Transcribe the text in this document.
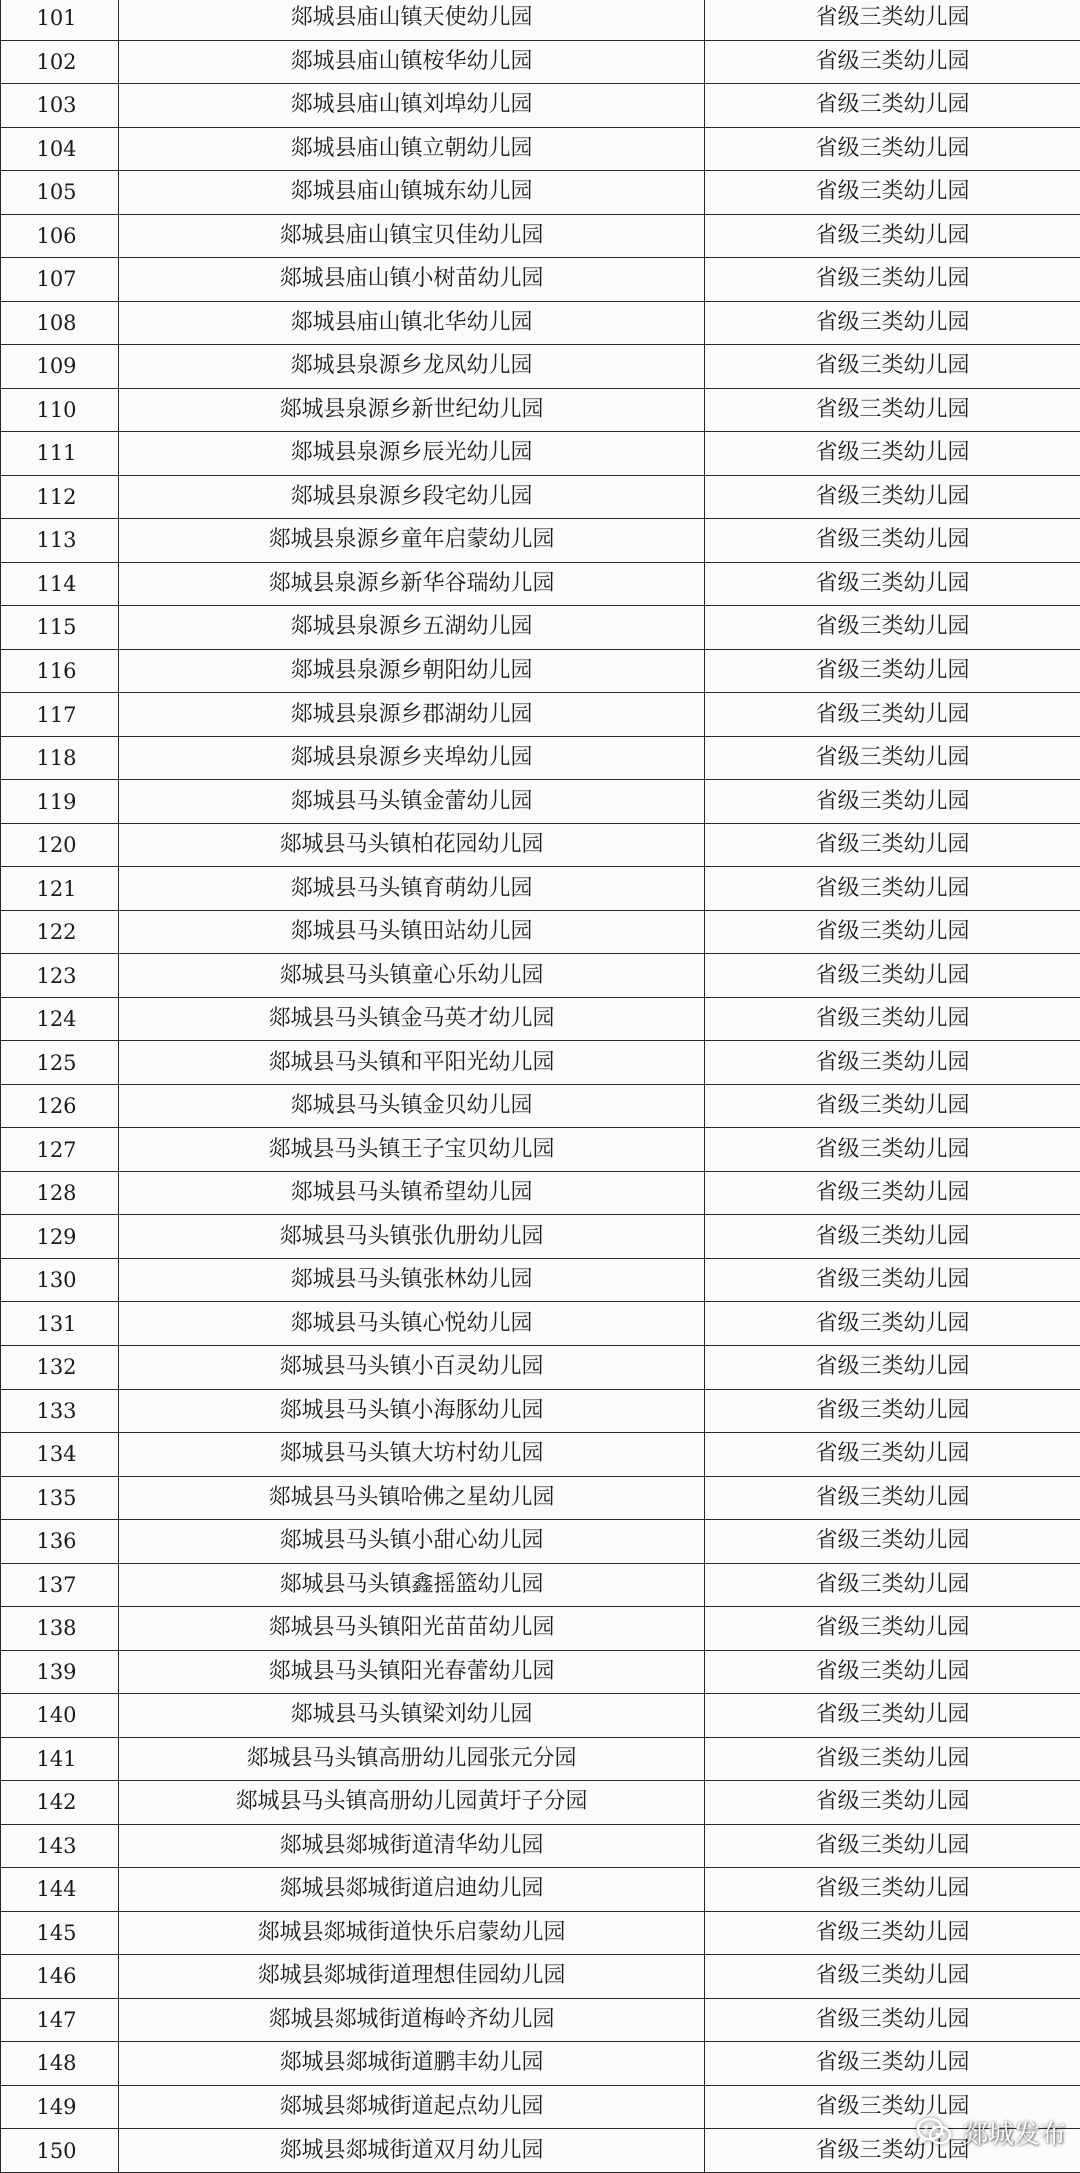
101	郯城县庙山镇天使幼儿园	省级三类幼儿园
102	郯城县庙山镇桉华幼儿园	省级三类幼儿园
103	郯城县庙山镇刘埠幼儿园	省级三类幼儿园
104	郯城县庙山镇立朝幼儿园	省级三类幼儿园
105	郯城县庙山镇城东幼儿园	省级三类幼儿园
106	郯城县庙山镇宝贝佳幼儿园	省级三类幼儿园
107	郯城县庙山镇小树苗幼儿园	省级三类幼儿园
108	郯城县庙山镇北华幼儿园	省级三类幼儿园
109	郯城县泉源乡龙凤幼儿园	省级三类幼儿园
110	郯城县泉源乡新世纪幼儿园	省级三类幼儿园
111	郯城县泉源乡辰光幼儿园	省级三类幼儿园
112	郯城县泉源乡段宅幼儿园	省级三类幼儿园
113	郯城县泉源乡童年启蒙幼儿园	省级三类幼儿园
114	郯城县泉源乡新华谷瑞幼儿园	省级三类幼儿园
115	郯城县泉源乡五湖幼儿园	省级三类幼儿园
116	郯城县泉源乡朝阳幼儿园	省级三类幼儿园
117	郯城县泉源乡郡湖幼儿园	省级三类幼儿园
118	郯城县泉源乡夹埠幼儿园	省级三类幼儿园
119	郯城县马头镇金蕾幼儿园	省级三类幼儿园
120	郯城县马头镇柏花园幼儿园	省级三类幼儿园
121	郯城县马头镇育萌幼儿园	省级三类幼儿园
122	郯城县马头镇田站幼儿园	省级三类幼儿园
123	郯城县马头镇童心乐幼儿园	省级三类幼儿园
124	郯城县马头镇金马英才幼儿园	省级三类幼儿园
125	郯城县马头镇和平阳光幼儿园	省级三类幼儿园
126	郯城县马头镇金贝幼儿园	省级三类幼儿园
127	郯城县马头镇王子宝贝幼儿园	省级三类幼儿园
128	郯城县马头镇希望幼儿园	省级三类幼儿园
129	郯城县马头镇张仇册幼儿园	省级三类幼儿园
130	郯城县马头镇张林幼儿园	省级三类幼儿园
131	郯城县马头镇心悦幼儿园	省级三类幼儿园
132	郯城县马头镇小百灵幼儿园	省级三类幼儿园
133	郯城县马头镇小海豚幼儿园	省级三类幼儿园
134	郯城县马头镇大坊村幼儿园	省级三类幼儿园
135	郯城县马头镇哈佛之星幼儿园	省级三类幼儿园
136	郯城县马头镇小甜心幼儿园	省级三类幼儿园
137	郯城县马头镇鑫摇篮幼儿园	省级三类幼儿园
138	郯城县马头镇阳光苗苗幼儿园	省级三类幼儿园
139	郯城县马头镇阳光春蕾幼儿园	省级三类幼儿园
140	郯城县马头镇梁刘幼儿园	省级三类幼儿园
141	郯城县马头镇高册幼儿园张元分园	省级三类幼儿园
142	郯城县马头镇高册幼儿园黄圩子分园	省级三类幼儿园
143	郯城县郯城街道清华幼儿园	省级三类幼儿园
144	郯城县郯城街道启迪幼儿园	省级三类幼儿园
145	郯城县郯城街道快乐启蒙幼儿园	省级三类幼儿园
146	郯城县郯城街道理想佳园幼儿园	省级三类幼儿园
147	郯城县郯城街道梅岭齐幼儿园	省级三类幼儿园
148	郯城县郯城街道鹏丰幼儿园	省级三类幼儿园
149	郯城县郯城街道起点幼儿园	省级三类幼儿园
150	郯城县郯城街道双月幼儿园	省级三类幼儿园
郯城发布
